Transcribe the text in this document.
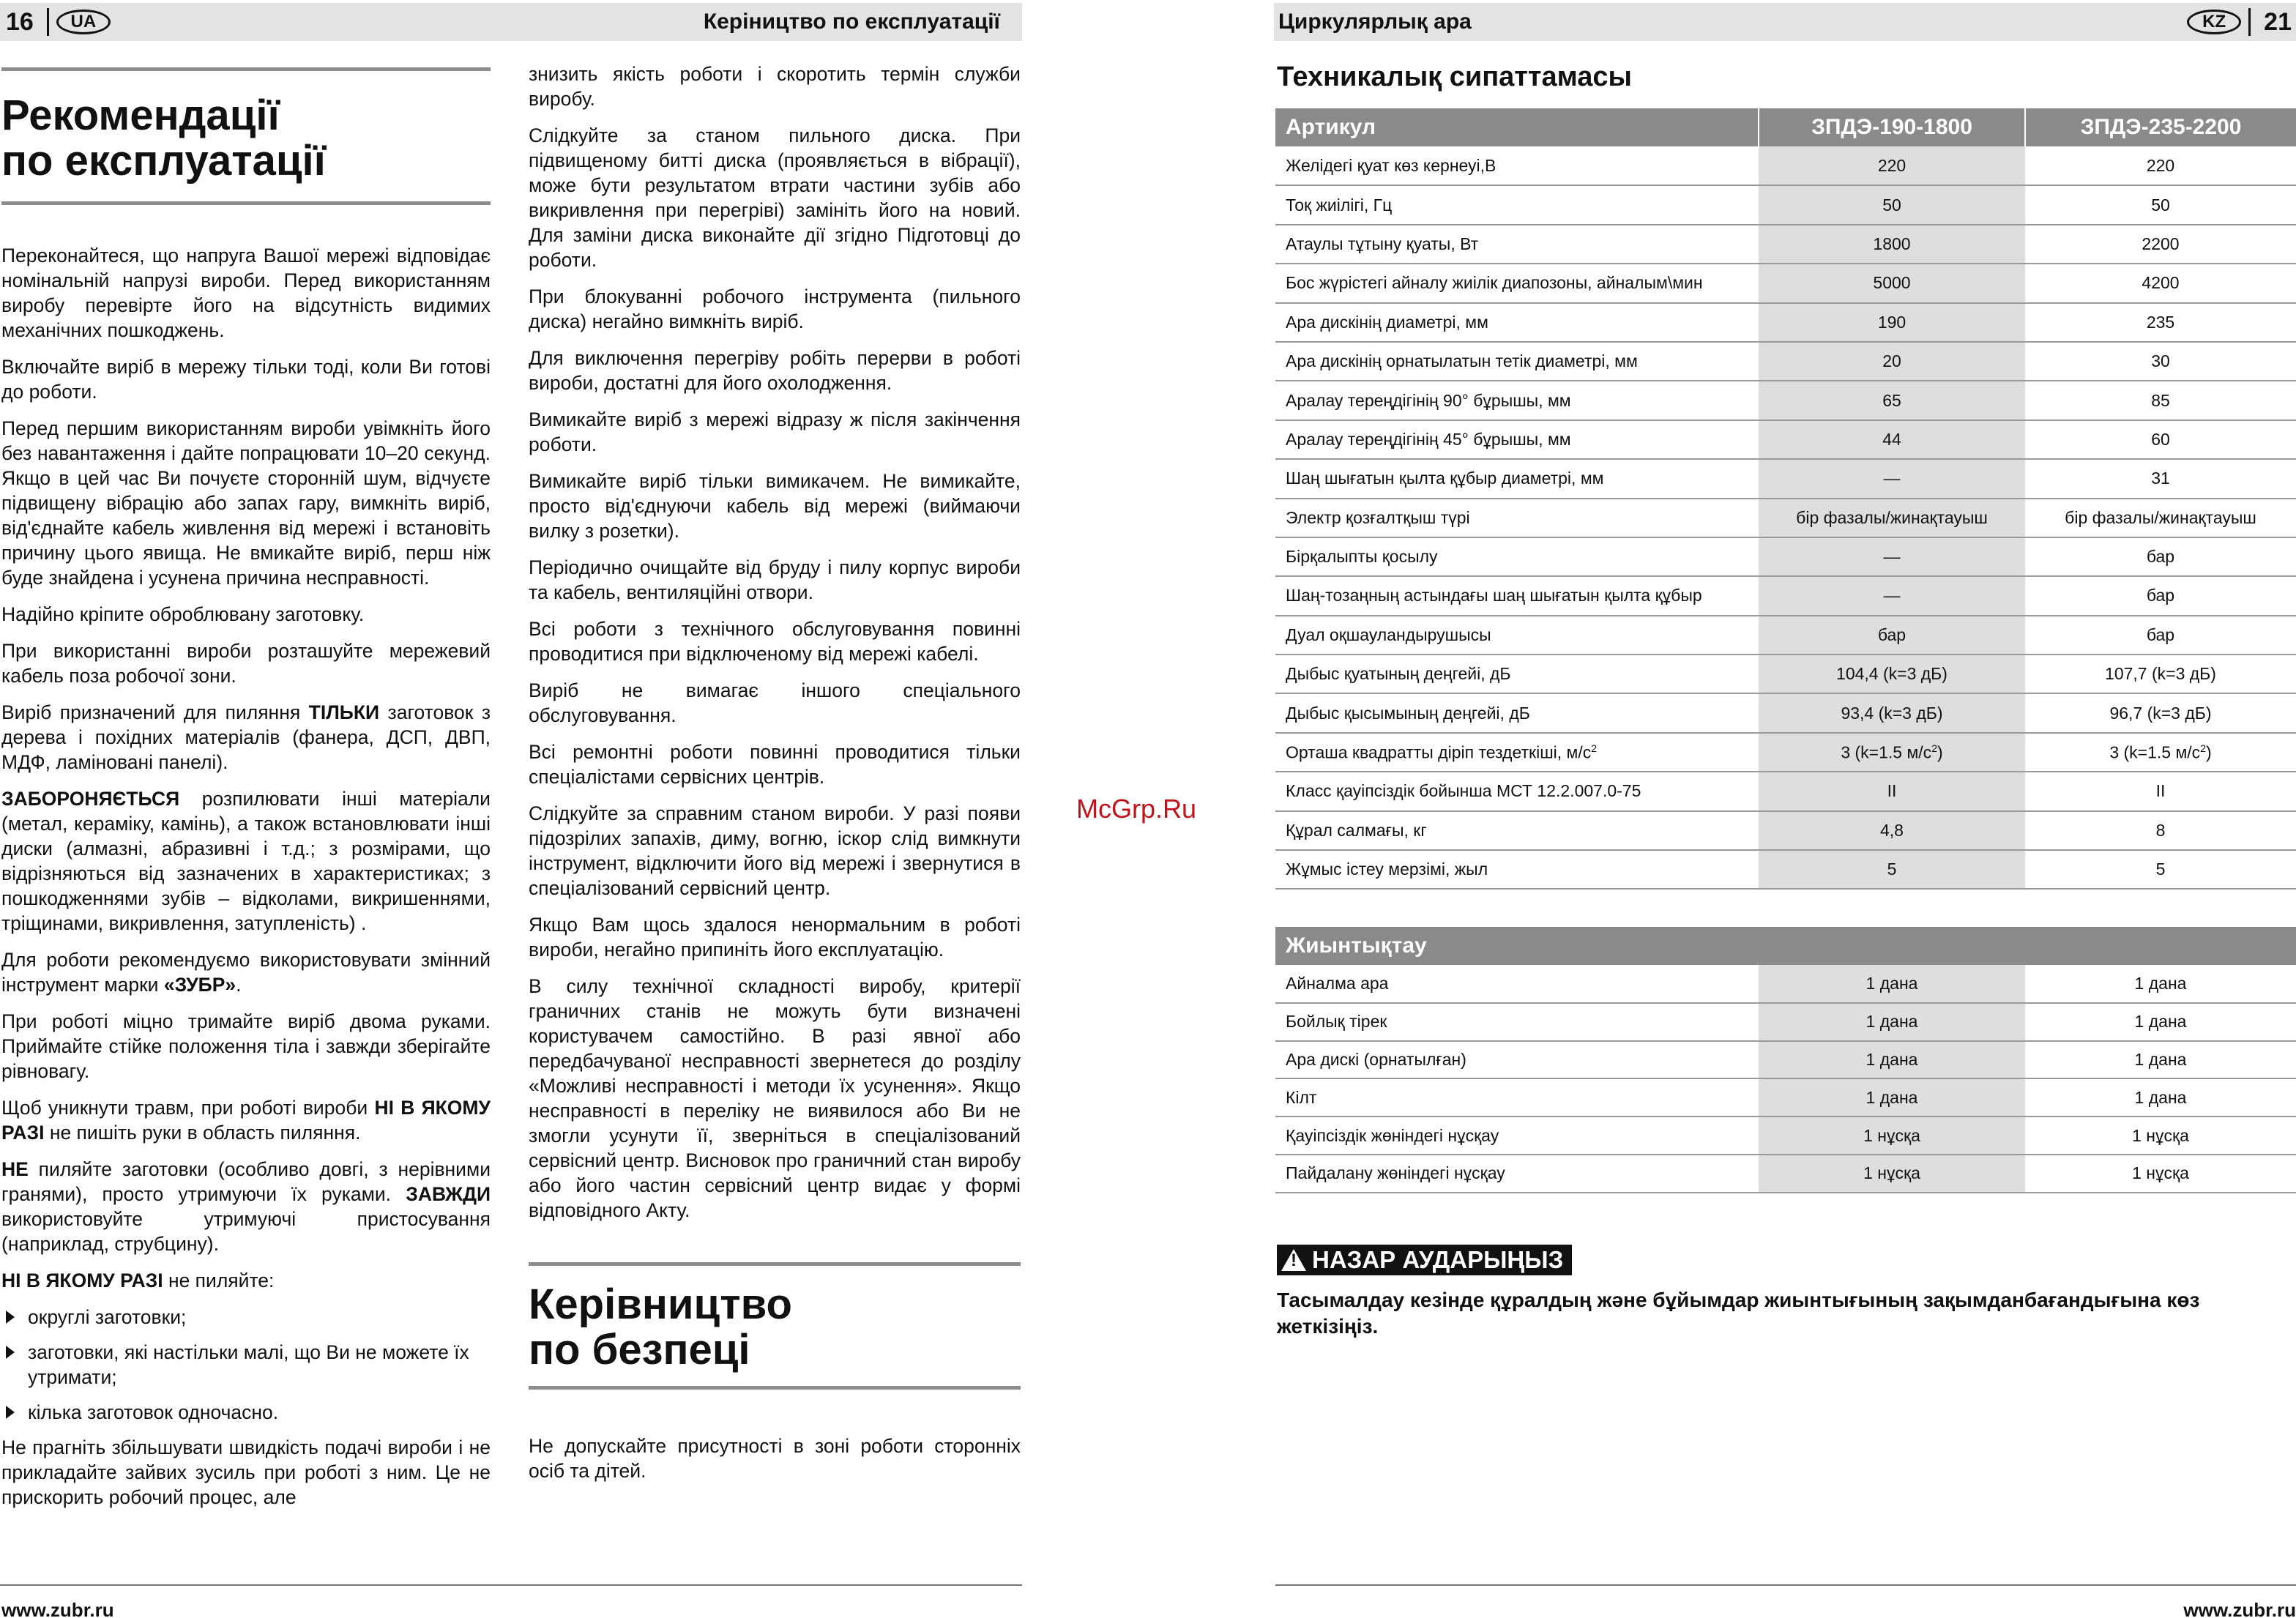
16	UA	Керіництво по експлуатації
Рекомендації
по експлуатації

Переконайтеся, що напруга Вашої мережі відповідає номінальній напрузі вироби. Перед використанням виробу перевірте його на відсутність видимих механічних пошкоджень.

Включайте виріб в мережу тільки тоді, коли Ви готові до роботи.

Перед першим використанням вироби увімкніть його без навантаження і дайте попрацювати 10–20 секунд. Якщо в цей час Ви почуєте сторонній шум, відчуєте підвищену вібрацію або запах гару, вимкніть виріб, від'єднайте кабель живлення від мережі і встановіть причину цього явища. Не вмикайте виріб, перш ніж буде знайдена і усунена причина несправності.

Надійно кріпите оброблювану заготовку.

При використанні вироби розташуйте мережевий кабель поза робочої зони.

Виріб призначений для пиляння ТІЛЬКИ заготовок з дерева і похідних матеріалів (фанера, ДСП, ДВП, МДФ, ламіновані панелі).

ЗАБОРОНЯЄТЬСЯ розпилювати інші матеріали (метал, кераміку, камінь), а також встановлювати інші диски (алмазні, абразивні і т.д.; з розмірами, що відрізняються від зазначених в характеристиках; з пошкодженнями зубів – відколами, викришеннями, тріщинами, викривлення, затупленість) .

Для роботи рекомендуємо використовувати змінний інструмент марки «ЗУБР».

При роботі міцно тримайте виріб двома руками. Приймайте стійке положення тіла і завжди зберігайте рівновагу.

Щоб уникнути травм, при роботі вироби НІ В ЯКОМУ РАЗІ не пишіть руки в область пиляння.

НЕ пиляйте заготовки (особливо довгі, з нерівними гранями), просто утримуючи їх руками. ЗАВЖДИ використовуйте утримуючі пристосування (наприклад, струбцину).

НІ В ЯКОМУ РАЗІ не пиляйте:

округлі заготовки;
заготовки, які настільки малі, що Ви не можете їх утримати;
кілька заготовок одночасно.

Не прагніть збільшувати швидкість подачі вироби і не прикладайте зайвих зусиль при роботі з ним. Це не прискорить робочий процес, але

знизить якість роботи і скоротить термін служби виробу.

Слідкуйте за станом пильного диска. При підвищеному битті диска (проявляється в вібрації), може бути результатом втрати частини зубів або викривлення при перегріві) замініть його на новий. Для заміни диска виконайте дії згідно Підготовці до роботи.

При блокуванні робочого інструмента (пильного диска) негайно вимкніть виріб.

Для виключення перегріву робіть перерви в роботі вироби, достатні для його охолодження.

Вимикайте виріб з мережі відразу ж після закінчення роботи.

Вимикайте виріб тільки вимикачем. Не вимикайте, просто від'єднуючи кабель від мережі (виймаючи вилку з розетки).

Періодично очищайте від бруду і пилу корпус вироби та кабель, вентиляційні отвори.

Всі роботи з технічного обслуговування повинні проводитися при відключеному від мережі кабелі.

Виріб не вимагає іншого спеціального обслуговування.

Всі ремонтні роботи повинні проводитися тільки спеціалістами сервісних центрів.

Слідкуйте за справним станом вироби. У разі появи підозрілих запахів, диму, вогню, іскор слід вимкнути інструмент, відключити його від мережі і звернутися в спеціалізований сервісний центр.

Якщо Вам щось здалося ненормальним в роботі вироби, негайно припиніть його експлуатацію.

В силу технічної складності виробу, критерії граничних станів не можуть бути визначені користувачем самостійно. В разі явної або передбачуваної несправності звернетеся до розділу «Можливі несправності і методи їх усунення». Якщо несправності в переліку не виявилося або Ви не змогли усунути її, зверніться в спеціалізований сервісний центр. Висновок про граничний стан виробу або його частин сервісний центр видає у формі відповідного Акту.

Керівництво
по безпеці

Не допускайте присутності в зоні роботи сторонніх осіб та дітей.

www.zubr.ru
McGrp.Ru
Циркулярлық ара	KZ	21
Техникалық сипаттамасы
Артикул	ЗПДЭ-190-1800	ЗПДЭ-235-2200
Желідегі қуат көз кернеуі,В	220	220
Тоқ жиілігі, Гц	50	50
Атаулы тұтыну қуаты, Вт	1800	2200
Бос жүрістегі айналу жиілік диапозоны, айналым\мин	5000	4200
Ара дискінің диаметрі, мм	190	235
Ара дискінің орнатылатын тетік диаметрі, мм	20	30
Аралау тереңдігінің 90° бұрышы, мм	65	85
Аралау тереңдігінің 45° бұрышы, мм	44	60
Шаң шығатын қылта құбыр диаметрі, мм	—	31
Электр қозғалтқыш түрі	бір фазалы/жинақтауыш	бір фазалы/жинақтауыш
Бірқалыпты қосылу	—	бар
Шаң-тозаңның астындағы шаң шығатын қылта құбыр	—	бар
Дуал оқшауландырушысы	бар	бар
Дыбыс қуатының деңгейі, дБ	104,4 (k=3 дБ)	107,7 (k=3 дБ)
Дыбыс қысымының деңгейі, дБ	93,4 (k=3 дБ)	96,7 (k=3 дБ)
Орташа квадратты діріп тездеткіші, $м/с^2$	3 (k=1.5 $м/с^2$)	3 (k=1.5 $м/с^2$)
Класс қауіпсіздік бойынша МСТ 12.2.007.0-75	II	II
Құрал салмағы, кг	4,8	8
Жұмыс істеу мерзімі, жыл	5	5
Жиынтықтау		
Айналма ара	1 дана	1 дана
Бойлық тірек	1 дана	1 дана
Ара дискі (орнатылған)	1 дана	1 дана
Кілт	1 дана	1 дана
Қауіпсіздік жөніндегі нұсқау	1 нұсқа	1 нұсқа
Пайдалану жөніндегі нұсқау	1 нұсқа	1 нұсқа
!
НАЗАР АУДАРЫҢЫЗ
Тасымалдау кезінде құралдың және бұйымдар жиынтығының зақымданбағандығына көз жеткізіңіз.
www.zubr.ru
